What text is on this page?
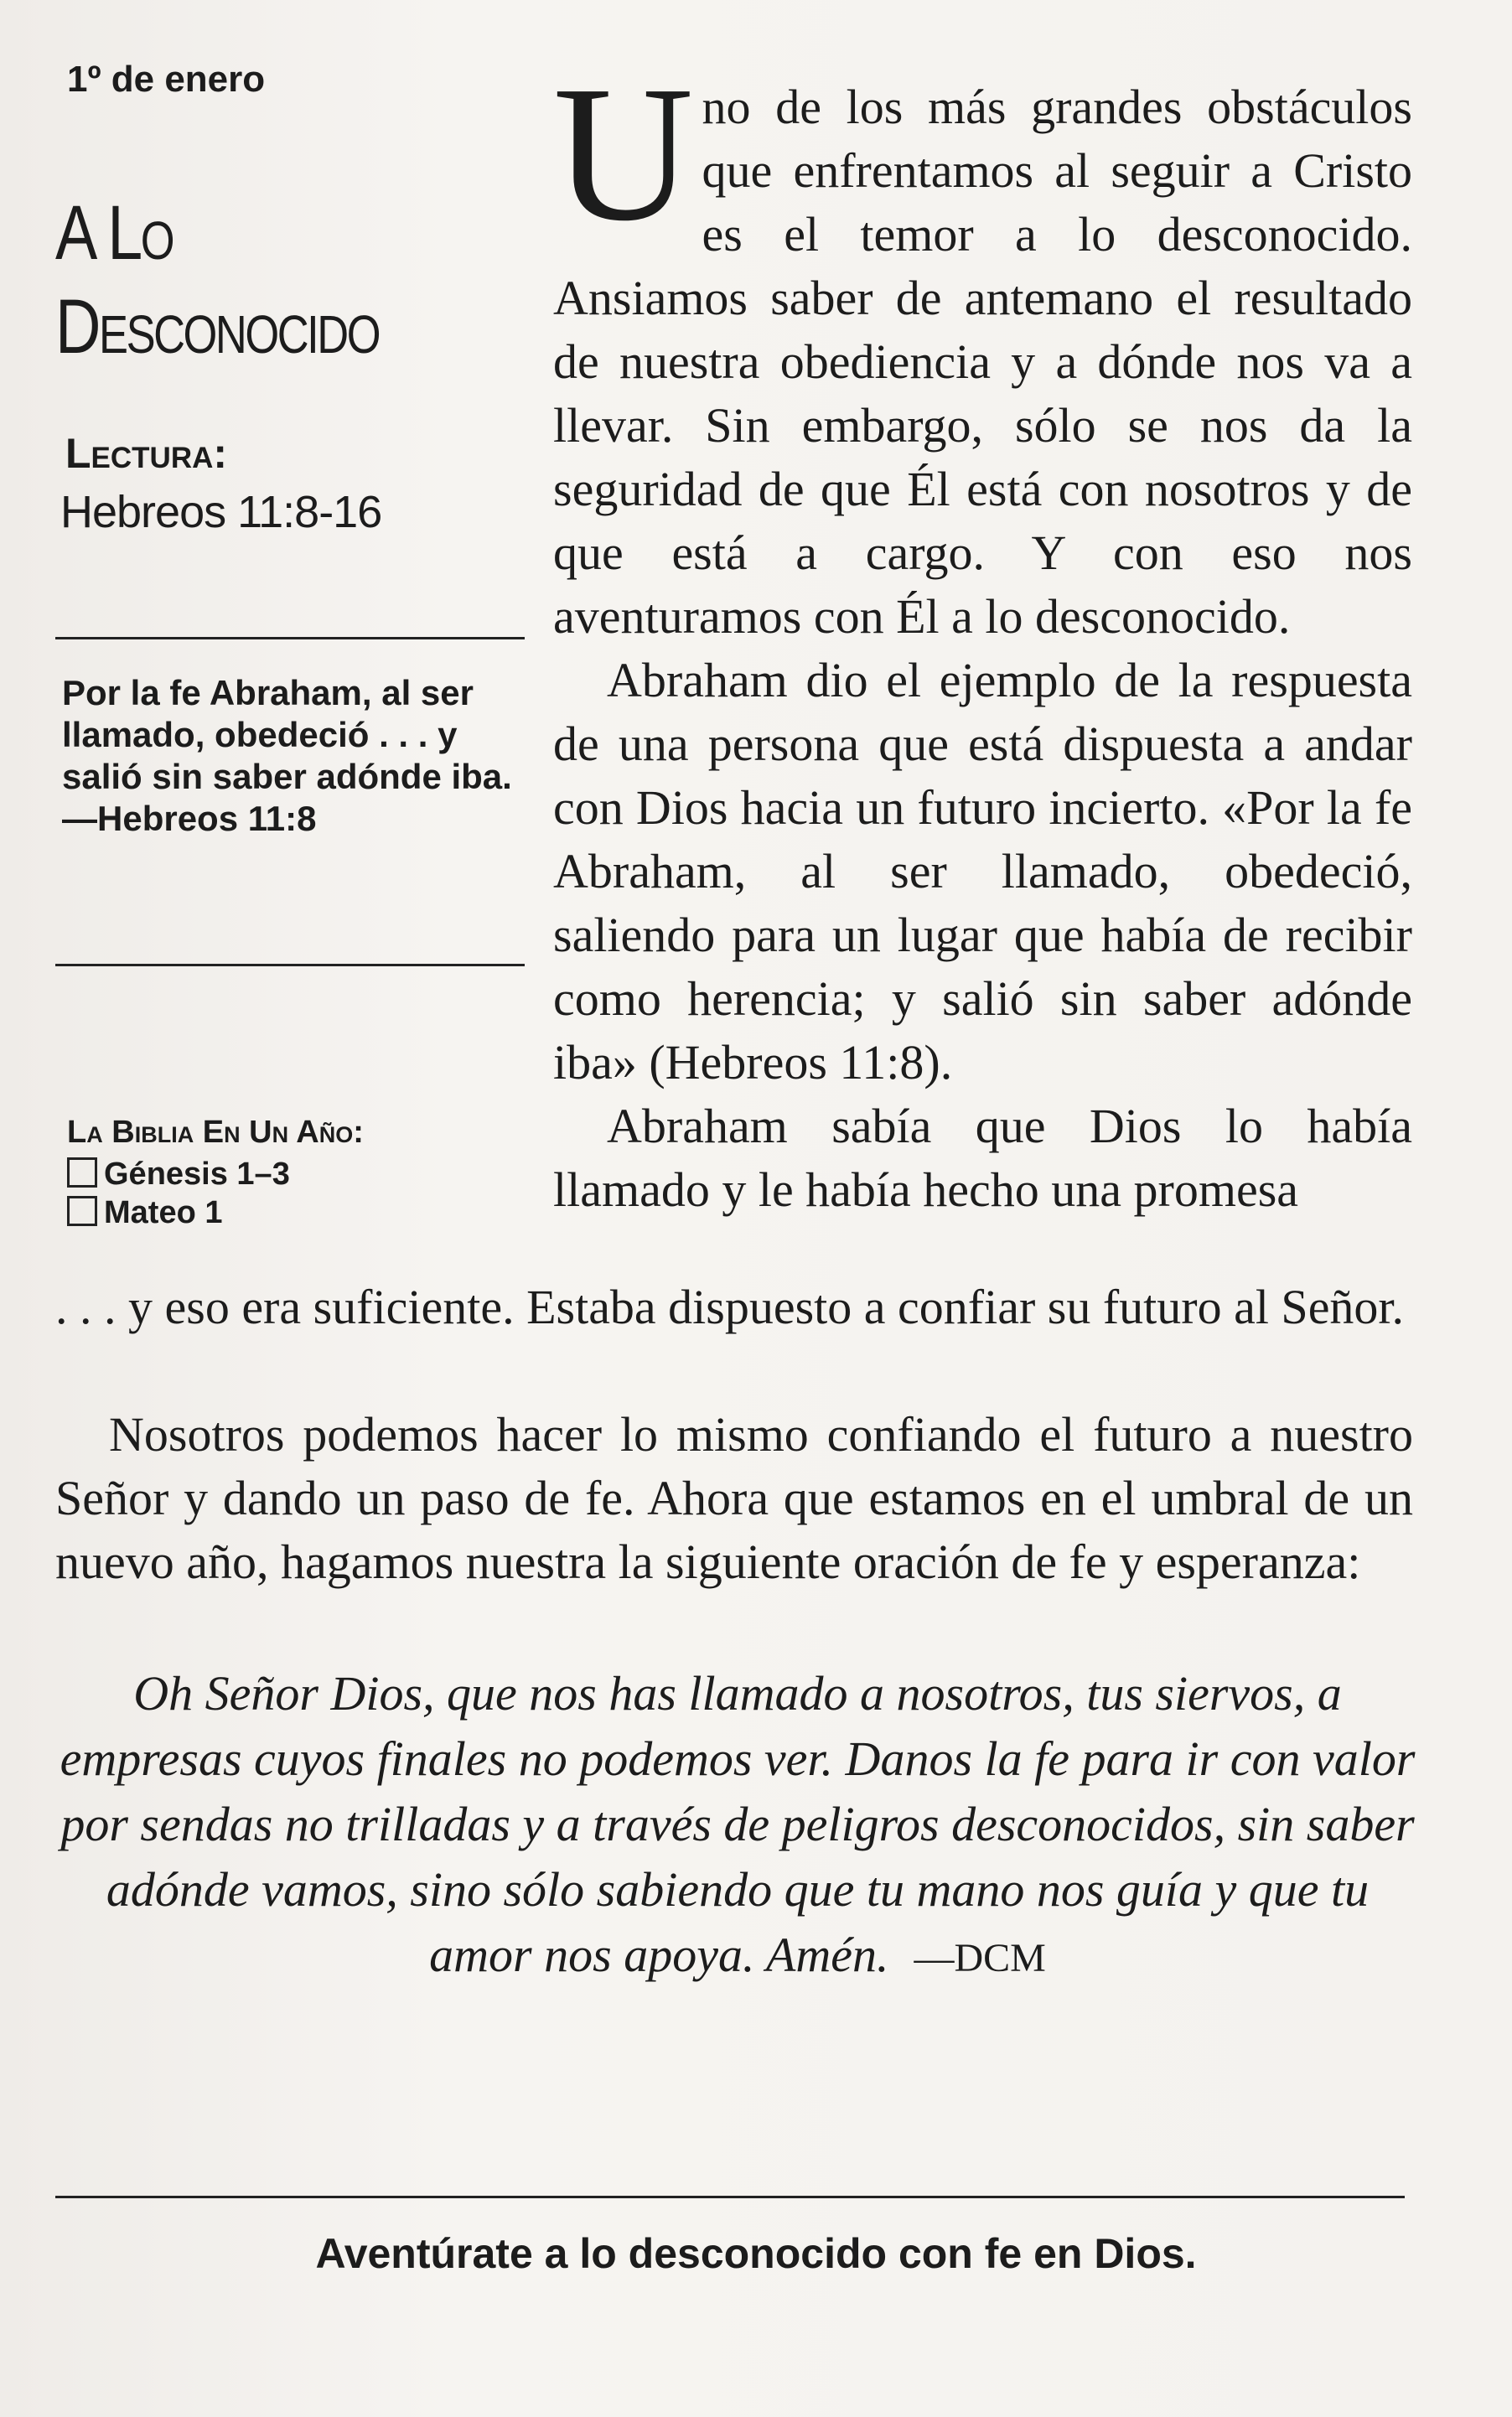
1º de enero
A Lo
Desconocido
Lectura:
Hebreos 11:8-16
Por la fe Abraham, al ser llamado, obedeció . . . y salió sin saber adónde iba.
—Hebreos 11:8
La Biblia En Un Año:
Génesis 1–3
Mateo 1

Uno de los más grandes obstáculos que enfrentamos al seguir a Cristo es el temor a lo desconocido. Ansiamos saber de antemano el resultado de nuestra obediencia y a dónde nos va a llevar. Sin embargo, sólo se nos da la seguridad de que Él está con nosotros y de que está a cargo. Y con eso nos aventuramos con Él a lo desconocido.

Abraham dio el ejemplo de la respuesta de una persona que está dispuesta a andar con Dios hacia un futuro incierto. «Por la fe Abraham, al ser llamado, obedeció, saliendo para un lugar que había de recibir como herencia; y salió sin saber adónde iba» (Hebreos 11:8).

Abraham sabía que Dios lo había llamado y le había hecho una promesa

. . . y eso era suficiente. Estaba dispuesto a confiar su futuro al Señor.
Nosotros podemos hacer lo mismo confiando el futuro a nuestro Señor y dando un paso de fe. Ahora que estamos en el umbral de un nuevo año, hagamos nuestra la siguiente oración de fe y esperanza:
Oh Señor Dios, que nos has llamado a nosotros, tus siervos, a empresas cuyos finales no podemos ver. Danos la fe para ir con valor por sendas no trilladas y a través de peligros desconocidos, sin saber adónde vamos, sino sólo sabiendo que tu mano nos guía y que tu amor nos apoya. Amén. —DCM
Aventúrate a lo desconocido con fe en Dios.
